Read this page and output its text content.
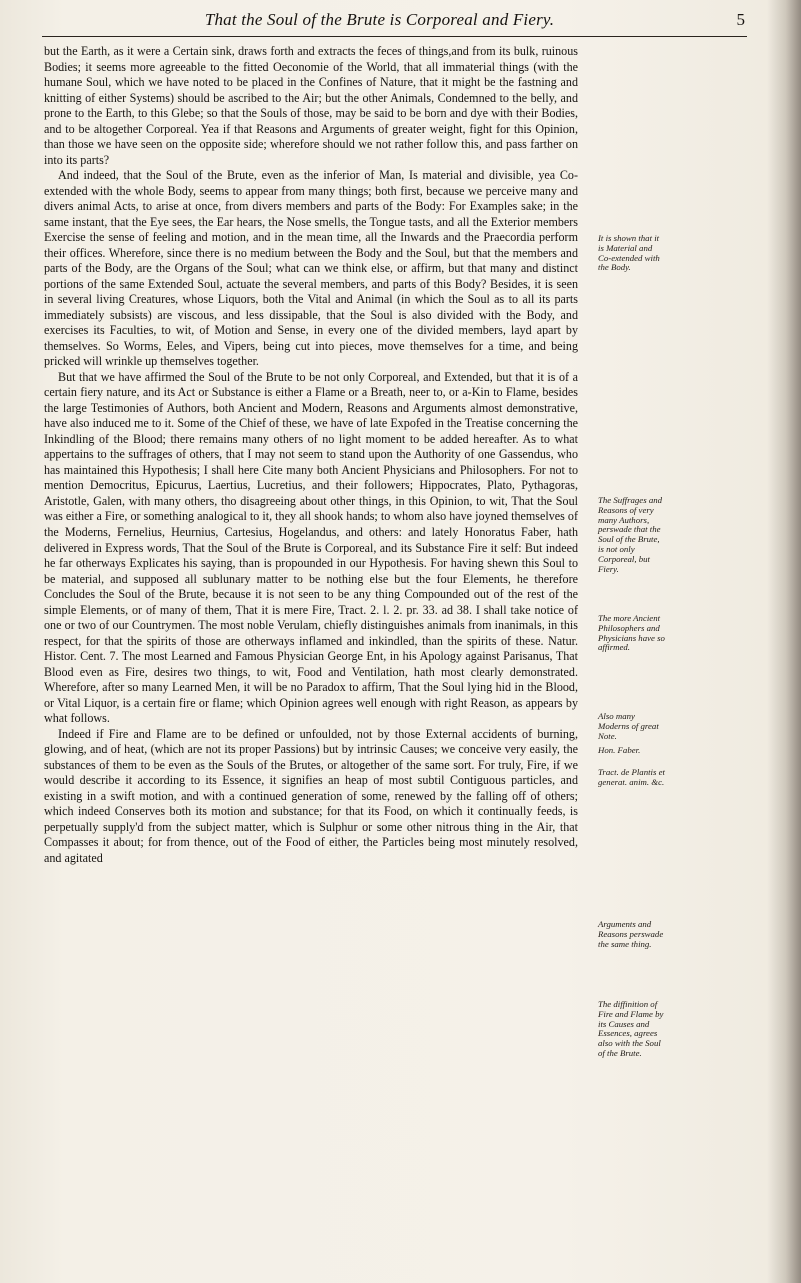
That the Soul of the Brute is Corporeal and Fiery.	5

but the Earth, as it were a Certain sink, draws forth and extracts the feces of things,and from its bulk, ruinous Bodies; it seems more agreeable to the fitted Oeconomie of the World, that all immaterial things (with the humane Soul, which we have noted to be placed in the Confines of Nature, that it might be the fastning and knitting of either Systems) should be ascribed to the Air; but the other Animals, Condemned to the belly, and prone to the Earth, to this Glebe; so that the Souls of those, may be said to be born and dye with their Bodies, and to be altogether Corporeal. Yea if that Reasons and Arguments of greater weight, fight for this Opinion, than those we have seen on the opposite side; wherefore should we not rather follow this, and pass farther on into its parts?

And indeed, that the Soul of the Brute, even as the inferior of Man, Is material and divisible, yea Co-extended with the whole Body, seems to appear from many things; both first, because we perceive many and divers animal Acts, to arise at once, from divers members and parts of the Body: For Examples sake; in the same instant, that the Eye sees, the Ear hears, the Nose smells, the Tongue tasts, and all the Exterior members Exercise the sense of feeling and motion, and in the mean time, all the Inwards and the Praecordia perform their offices. Wherefore, since there is no medium between the Body and the Soul, but that the members and parts of the Body, are the Organs of the Soul; what can we think else, or affirm, but that many and distinct portions of the same Extended Soul, actuate the several members, and parts of this Body? Besides, it is seen in several living Creatures, whose Liquors, both the Vital and Animal (in which the Soul as to all its parts immediately subsists) are viscous, and less dissipable, that the Soul is also divided with the Body, and exercises its Faculties, to wit, of Motion and Sense, in every one of the divided members, layd apart by themselves. So Worms, Eeles, and Vipers, being cut into pieces, move themselves for a time, and being pricked will wrinkle up themselves together.

But that we have affirmed the Soul of the Brute to be not only Corporeal, and Extended, but that it is of a certain fiery nature, and its Act or Substance is either a Flame or a Breath, neer to, or a-Kin to Flame, besides the large Testimonies of Authors, both Ancient and Modern, Reasons and Arguments almost demonstrative, have also induced me to it. Some of the Chief of these, we have of late Expofed in the Treatise concerning the Inkindling of the Blood; there remains many others of no light moment to be added hereafter. As to what appertains to the suffrages of others, that I may not seem to stand upon the Authority of one Gassendus, who has maintained this Hypothesis; I shall here Cite many both Ancient Physicians and Philosophers. For not to mention Democritus, Epicurus, Laertius, Lucretius, and their followers; Hippocrates, Plato, Pythagoras, Aristotle, Galen, with many others, tho disagreeing about other things, in this Opinion, to wit, That the Soul was either a Fire, or something analogical to it, they all shook hands; to whom also have joyned themselves of the Moderns, Fernelius, Heurnius, Cartesius, Hogelandus, and others: and lately Honoratus Faber, hath delivered in Express words, That the Soul of the Brute is Corporeal, and its Substance Fire it self: But indeed he far otherways Explicates his saying, than is propounded in our Hypothesis. For having shewn this Soul to be material, and supposed all sublunary matter to be nothing else but the four Elements, he therefore Concludes the Soul of the Brute, because it is not seen to be any thing Compounded out of the rest of the simple Elements, or of many of them, That it is mere Fire, Tract. 2. l. 2. pr. 33. ad 38. I shall take notice of one or two of our Countrymen. The most noble Verulam, chiefly distinguishes animals from inanimals, in this respect, for that the spirits of those are otherways inflamed and inkindled, than the spirits of these. Natur. Histor. Cent. 7. The most Learned and Famous Physician George Ent, in his Apology against Parisanus, That Blood even as Fire, desires two things, to wit, Food and Ventilation, hath most clearly demonstrated. Wherefore, after so many Learned Men, it will be no Paradox to affirm, That the Soul lying hid in the Blood, or Vital Liquor, is a certain fire or flame; which Opinion agrees well enough with right Reason, as appears by what follows.

Indeed if Fire and Flame are to be defined or unfoulded, not by those External accidents of burning, glowing, and of heat, (which are not its proper Passions) but by intrinsic Causes; we conceive very easily, the substances of them to be even as the Souls of the Brutes, or altogether of the same sort. For truly, Fire, if we would describe it according to its Essence, it signifies an heap of most subtil Contiguous particles, and existing in a swift motion, and with a continued generation of some, renewed by the falling off of others; which indeed Conserves both its motion and substance; for that its Food, on which it continually feeds, is perpetually supply'd from the subject matter, which is Sulphur or some other nitrous thing in the Air, that Compasses it about; for from thence, out of the Food of either, the Particles being most minutely resolved, and agitated

It is shown that it is Material and Co-extended with the Body.
The Suffrages and Reasons of very many Authors, perswade that the Soul of the Brute, is not only Corporeal, but Fiery.
The more Ancient Philosophers and Physicians have so affirmed.
Also many Moderns of great Note.
Hon. Faber.
Tract. de Plantis et generat. anim. &c.
Arguments and Reasons perswade the same thing.
The diffinition of Fire and Flame by its Causes and Essences, agrees also with the Soul of the Brute.
